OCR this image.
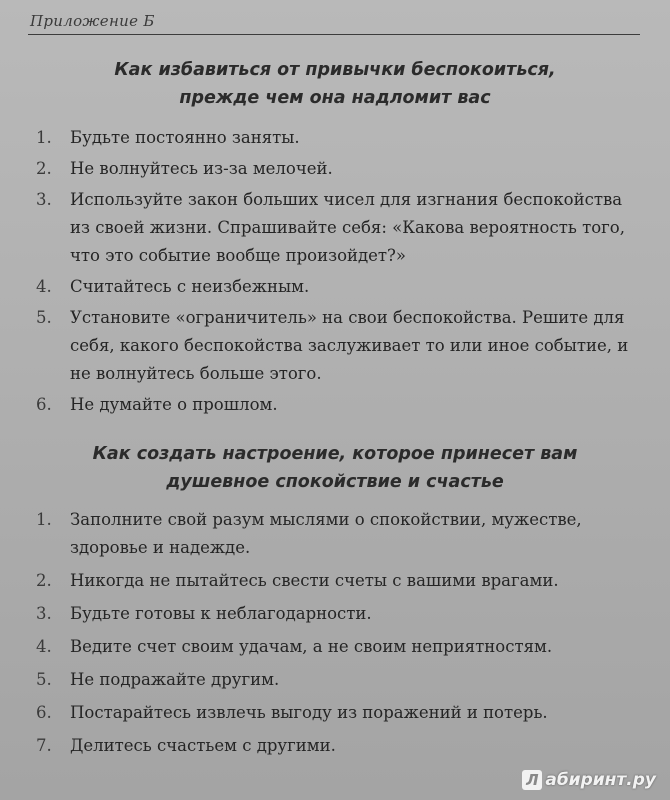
Приложение Б
Как избавиться от привычки беспокоиться,
прежде чем она надломит вас
1.	Будьте постоянно заняты.
2.	Не волнуйтесь из-за мелочей.
3.	Используйте закон больших чисел для изгнания беспокойства из своей жизни. Спрашивайте себя: «Какова вероятность того, что это событие вообще произойдет?»
4.	Считайтесь с неизбежным.
5.	Установите «ограничитель» на свои беспокойства. Решите для себя, какого беспокойства заслуживает то или иное событие, и не волнуйтесь больше этого.
6.	Не думайте о прошлом.
Как создать настроение, которое принесет вам
душевное спокойствие и счастье
1.	Заполните свой разум мыслями о спокойствии, мужестве, здоровье и надежде.
2.	Никогда не пытайтесь свести счеты с вашими врагами.
3.	Будьте готовы к неблагодарности.
4.	Ведите счет своим удачам, а не своим неприятностям.
5.	Не подражайте другим.
6.	Постарайтесь извлечь выгоду из поражений и потерь.
7.	Делитесь счастьем с другими.
Л абиринт.ру
